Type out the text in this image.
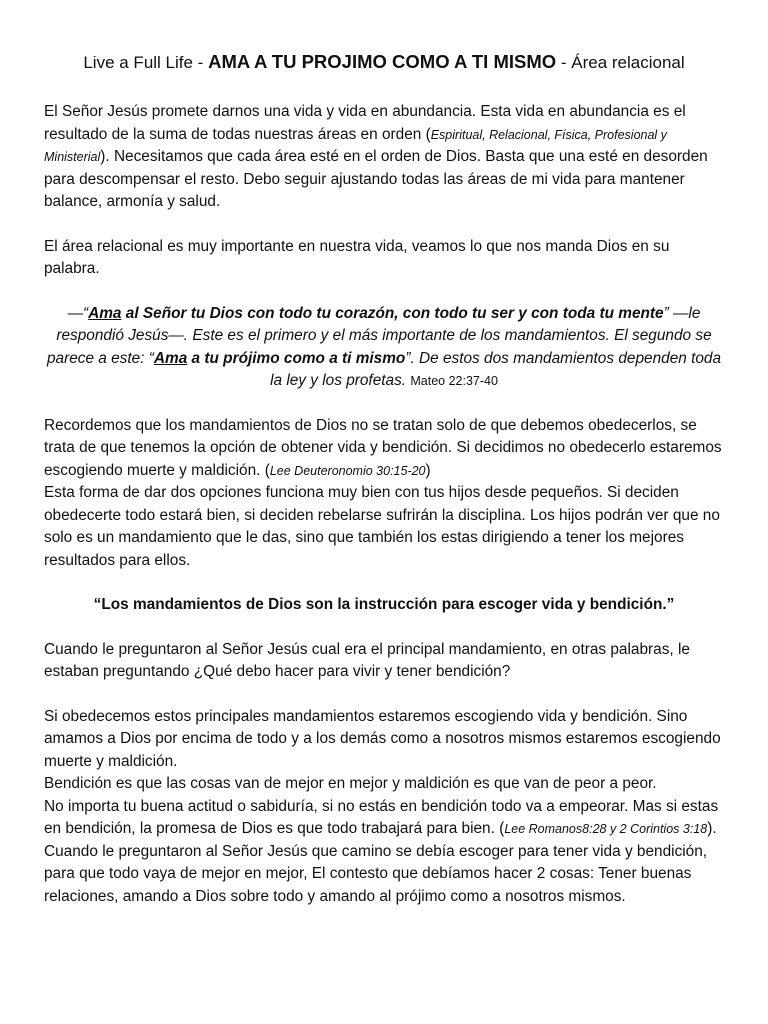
Live a Full Life - AMA A TU PROJIMO COMO A TI MISMO - Área relacional

El Señor Jesús promete darnos una vida y vida en abundancia. Esta vida en abundancia es el resultado de la suma de todas nuestras áreas en orden (Espiritual, Relacional, Física, Profesional y Ministerial). Necesitamos que cada área esté en el orden de Dios. Basta que una esté en desorden para descompensar el resto. Debo seguir ajustando todas las áreas de mi vida para mantener balance, armonía y salud.

El área relacional es muy importante en nuestra vida, veamos lo que nos manda Dios en su palabra.

—“Ama al Señor tu Dios con todo tu corazón, con todo tu ser y con toda tu mente” —le respondió Jesús—. Este es el primero y el más importante de los mandamientos. El segundo se parece a este: “Ama a tu prójimo como a ti mismo”. De estos dos mandamientos dependen toda la ley y los profetas. Mateo 22:37-40

Recordemos que los mandamientos de Dios no se tratan solo de que debemos obedecerlos, se trata de que tenemos la opción de obtener vida y bendición. Si decidimos no obedecerlo estaremos escogiendo muerte y maldición. (Lee Deuteronomio 30:15-20)

Esta forma de dar dos opciones funciona muy bien con tus hijos desde pequeños. Si deciden obedecerte todo estará bien, si deciden rebelarse sufrirán la disciplina. Los hijos podrán ver que no solo es un mandamiento que le das, sino que también los estas dirigiendo a tener los mejores resultados para ellos.

“Los mandamientos de Dios son la instrucción para escoger vida y bendición.”

Cuando le preguntaron al Señor Jesús cual era el principal mandamiento, en otras palabras, le estaban preguntando ¿Qué debo hacer para vivir y tener bendición?

Si obedecemos estos principales mandamientos estaremos escogiendo vida y bendición. Sino amamos a Dios por encima de todo y a los demás como a nosotros mismos estaremos escogiendo muerte y maldición.

Bendición es que las cosas van de mejor en mejor y maldición es que van de peor a peor.

No importa tu buena actitud o sabiduría, si no estás en bendición todo va a empeorar. Mas si estas en bendición, la promesa de Dios es que todo trabajará para bien. (Lee Romanos8:28 y 2 Corintios 3:18).

Cuando le preguntaron al Señor Jesús que camino se debía escoger para tener vida y bendición, para que todo vaya de mejor en mejor, El contesto que debíamos hacer 2 cosas: Tener buenas relaciones, amando a Dios sobre todo y amando al prójimo como a nosotros mismos.
